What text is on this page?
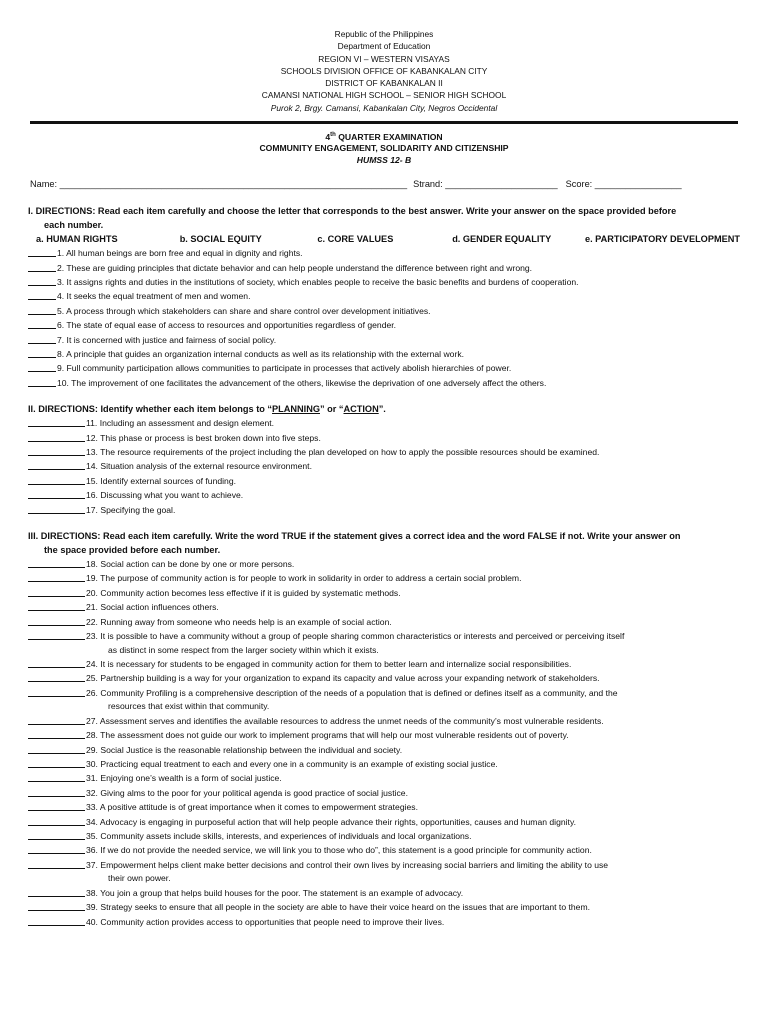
Republic of the Philippines
Department of Education
REGION VI – WESTERN VISAYAS
SCHOOLS DIVISION OFFICE OF KABANKALAN CITY
DISTRICT OF KABANKALAN II
CAMANSI NATIONAL HIGH SCHOOL – SENIOR HIGH SCHOOL
Purok 2, Brgy. Camansi, Kabankalan City, Negros Occidental
4th QUARTER EXAMINATION
COMMUNITY ENGAGEMENT, SOLIDARITY AND CITIZENSHIP
HUMSS 12- B
Name: ____________________________________________________________________ Strand: ______________________ Score: _________________
I. DIRECTIONS: Read each item carefully and choose the letter that corresponds to the best answer. Write your answer on the space provided before
each number.
a. HUMAN RIGHTS	b. SOCIAL EQUITY	c. CORE VALUES	d. GENDER EQUALITY	e. PARTICIPATORY DEVELOPMENT
1. All human beings are born free and equal in dignity and rights.
2. These are guiding principles that dictate behavior and can help people understand the difference between right and wrong.
3. It assigns rights and duties in the institutions of society, which enables people to receive the basic benefits and burdens of cooperation.
4. It seeks the equal treatment of men and women.
5. A process through which stakeholders can share and share control over development initiatives.
6. The state of equal ease of access to resources and opportunities regardless of gender.
7. It is concerned with justice and fairness of social policy.
8. A principle that guides an organization internal conducts as well as its relationship with the external work.
9. Full community participation allows communities to participate in processes that actively abolish hierarchies of power.
10. The improvement of one facilitates the advancement of the others, likewise the deprivation of one adversely affect the others.
II. DIRECTIONS: Identify whether each item belongs to “PLANNING” or “ACTION”.
11. Including an assessment and design element.
12. This phase or process is best broken down into five steps.
13. The resource requirements of the project including the plan developed on how to apply the possible resources should be examined.
14. Situation analysis of the external resource environment.
15. Identify external sources of funding.
16. Discussing what you want to achieve.
17. Specifying the goal.
III. DIRECTIONS: Read each item carefully. Write the word TRUE if the statement gives a correct idea and the word FALSE if not. Write your answer on
the space provided before each number.
18. Social action can be done by one or more persons.
19. The purpose of community action is for people to work in solidarity in order to address a certain social problem.
20. Community action becomes less effective if it is guided by systematic methods.
21. Social action influences others.
22. Running away from someone who needs help is an example of social action.
23. It is possible to have a community without a group of people sharing common characteristics or interests and perceived or perceiving itself
as distinct in some respect from the larger society within which it exists.
24. It is necessary for students to be engaged in community action for them to better learn and internalize social responsibilities.
25. Partnership building is a way for your organization to expand its capacity and value across your expanding network of stakeholders.
26. Community Profiling is a comprehensive description of the needs of a population that is defined or defines itself as a community, and the
resources that exist within that community.
27. Assessment serves and identifies the available resources to address the unmet needs of the community’s most vulnerable residents.
28. The assessment does not guide our work to implement programs that will help our most vulnerable residents out of poverty.
29. Social Justice is the reasonable relationship between the individual and society.
30. Practicing equal treatment to each and every one in a community is an example of existing social justice.
31. Enjoying one’s wealth is a form of social justice.
32. Giving alms to the poor for your political agenda is good practice of social justice.
33. A positive attitude is of great importance when it comes to empowerment strategies.
34. Advocacy is engaging in purposeful action that will help people advance their rights, opportunities, causes and human dignity.
35. Community assets include skills, interests, and experiences of individuals and local organizations.
36. If we do not provide the needed service, we will link you to those who do”, this statement is a good principle for community action.
37. Empowerment helps client make better decisions and control their own lives by increasing social barriers and limiting the ability to use
their own power.
38. You join a group that helps build houses for the poor. The statement is an example of advocacy.
39. Strategy seeks to ensure that all people in the society are able to have their voice heard on the issues that are important to them.
40. Community action provides access to opportunities that people need to improve their lives.
